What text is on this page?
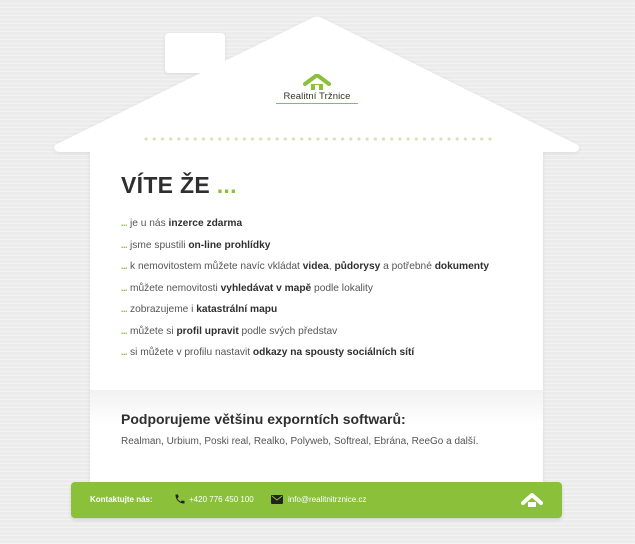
Realitní Tržnice
VÍTE ŽE ...
... je u nás inzerce zdarma
... jsme spustili on-line prohlídky
... k nemovitostem můžete navíc vkládat videa, půdorysy a potřebné dokumenty
... můžete nemovitosti vyhledávat v mapě podle lokality
... zobrazujeme i katastrální mapu
... můžete si profil upravit podle svých představ
... si můžete v profilu nastavit odkazy na spousty sociálních sítí
Podporujeme většinu exporntích softwarů:

Realman, Urbium, Poski real, Realko, Polyweb, Softreal, Ebrána, ReeGo a další.

Kontaktujte nás:	+420 776 450 100	info@realitnitrznice.cz
